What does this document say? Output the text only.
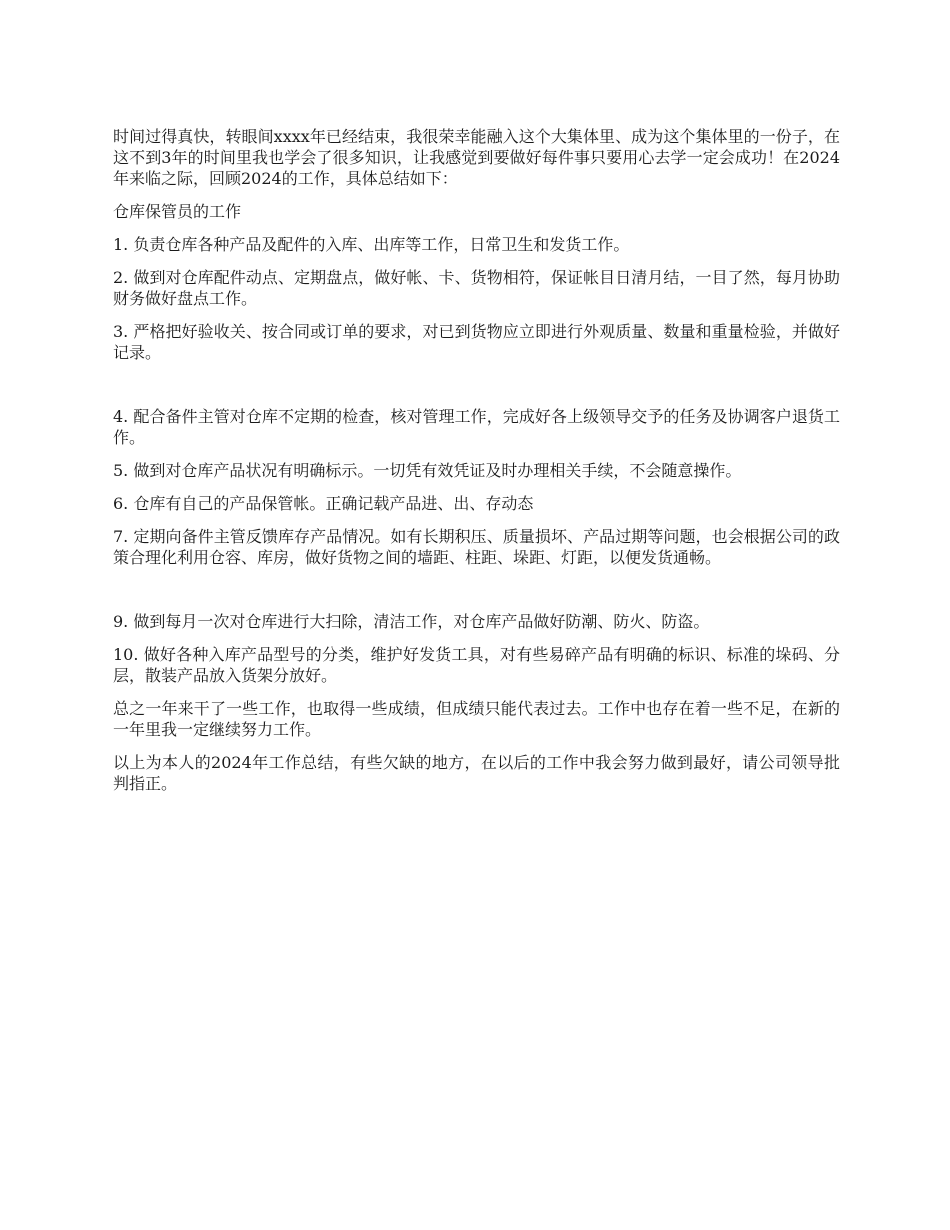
时间过得真快，转眼间xxxx年已经结束，我很荣幸能融入这个大集体里、成为这个集体里的一份子，在这不到3年的时间里我也学会了很多知识，让我感觉到要做好每件事只要用心去学一定会成功！在2024年来临之际，回顾2024的工作，具体总结如下：

仓库保管员的工作

1. 负责仓库各种产品及配件的入库、出库等工作，日常卫生和发货工作。

2. 做到对仓库配件动点、定期盘点，做好帐、卡、货物相符，保证帐目日清月结，一目了然，每月协助财务做好盘点工作。

3. 严格把好验收关、按合同或订单的要求，对已到货物应立即进行外观质量、数量和重量检验，并做好记录。

4. 配合备件主管对仓库不定期的检查，核对管理工作，完成好各上级领导交予的任务及协调客户退货工作。

5. 做到对仓库产品状况有明确标示。一切凭有效凭证及时办理相关手续，不会随意操作。

6. 仓库有自己的产品保管帐。正确记载产品进、出、存动态

7. 定期向备件主管反馈库存产品情况。如有长期积压、质量损坏、产品过期等问题，也会根据公司的政策合理化利用仓容、库房，做好货物之间的墙距、柱距、垛距、灯距，以便发货通畅。

9. 做到每月一次对仓库进行大扫除，清洁工作，对仓库产品做好防潮、防火、防盗。

10. 做好各种入库产品型号的分类，维护好发货工具，对有些易碎产品有明确的标识、标准的垛码、分层，散装产品放入货架分放好。

总之一年来干了一些工作，也取得一些成绩，但成绩只能代表过去。工作中也存在着一些不足，在新的一年里我一定继续努力工作。

以上为本人的2024年工作总结，有些欠缺的地方，在以后的工作中我会努力做到最好，请公司领导批判指正。
